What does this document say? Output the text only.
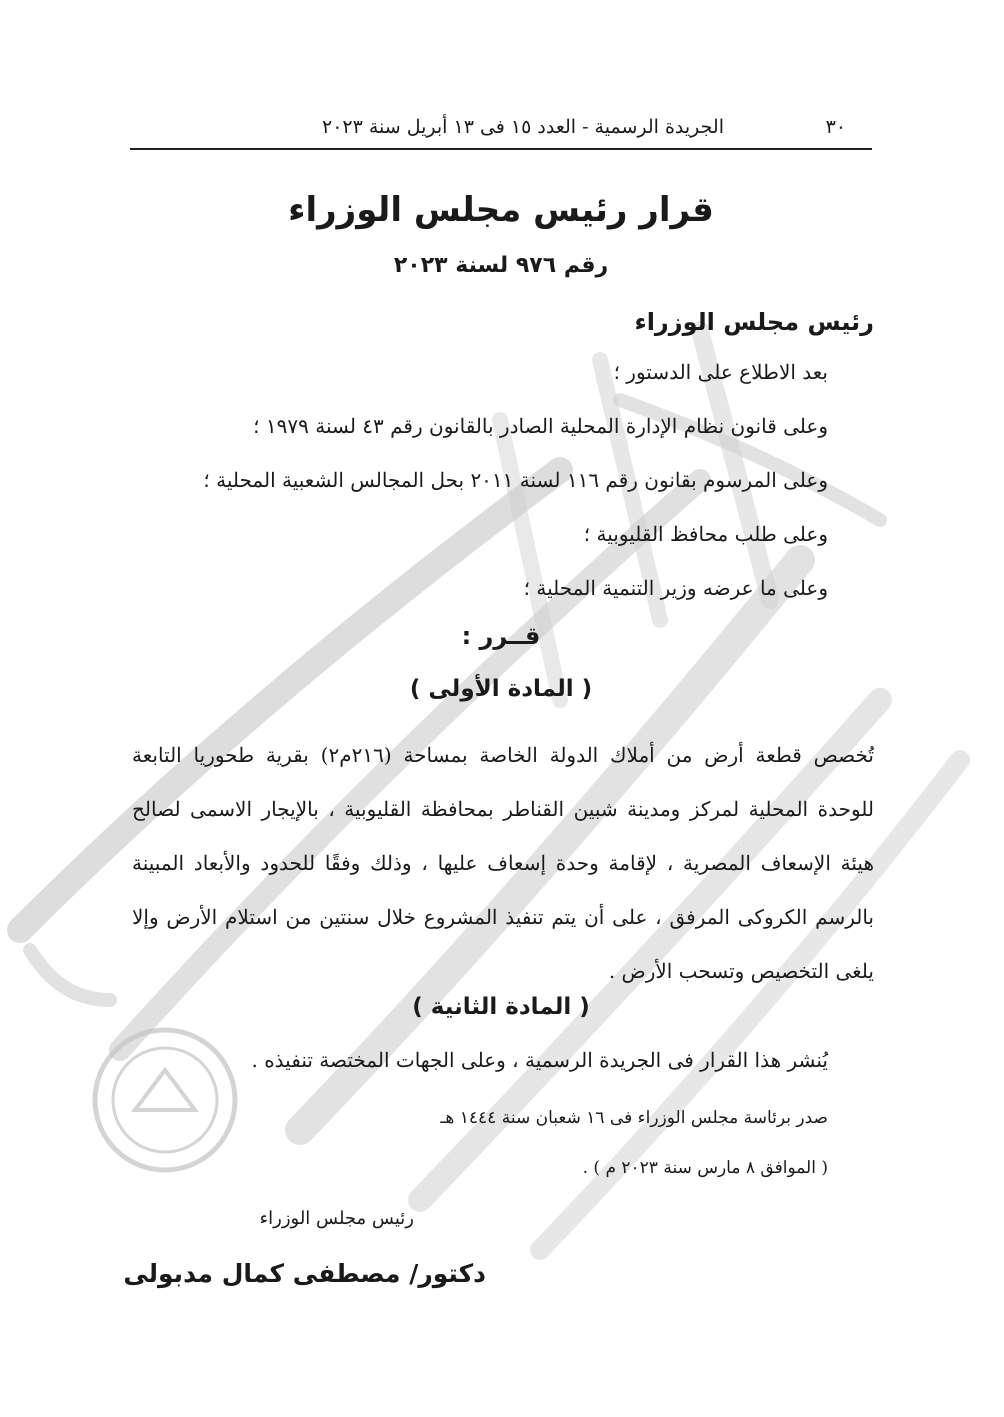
٣٠
الجريدة الرسمية - العدد ١٥ فى ١٣ أبريل سنة ٢٠٢٣
قرار رئيس مجلس الوزراء
رقم ٩٧٦ لسنة ٢٠٢٣
رئيس مجلس الوزراء
بعد الاطلاع على الدستور ؛
وعلى قانون نظام الإدارة المحلية الصادر بالقانون رقم ٤٣ لسنة ١٩٧٩ ؛
وعلى المرسوم بقانون رقم ١١٦ لسنة ٢٠١١ بحل المجالس الشعبية المحلية ؛
وعلى طلب محافظ القليوبية ؛
وعلى ما عرضه وزير التنمية المحلية ؛
قــرر :
( المادة الأولى )
تُخصص قطعة أرض من أملاك الدولة الخاصة بمساحة (٢١٦م٢) بقرية طحوريا التابعة للوحدة المحلية لمركز ومدينة شبين القناطر بمحافظة القليوبية ، بالإيجار الاسمى لصالح هيئة الإسعاف المصرية ، لإقامة وحدة إسعاف عليها ، وذلك وفقًا للحدود والأبعاد المبينة بالرسم الكروكى المرفق ، على أن يتم تنفيذ المشروع خلال سنتين من استلام الأرض وإلا يلغى التخصيص وتسحب الأرض .
( المادة الثانية )
يُنشر هذا القرار فى الجريدة الرسمية ، وعلى الجهات المختصة تنفيذه .
صدر برئاسة مجلس الوزراء فى ١٦ شعبان سنة ١٤٤٤ هـ
( الموافق ٨ مارس سنة ٢٠٢٣ م ) .
رئيس مجلس الوزراء
دكتور/ مصطفى كمال مدبولى
